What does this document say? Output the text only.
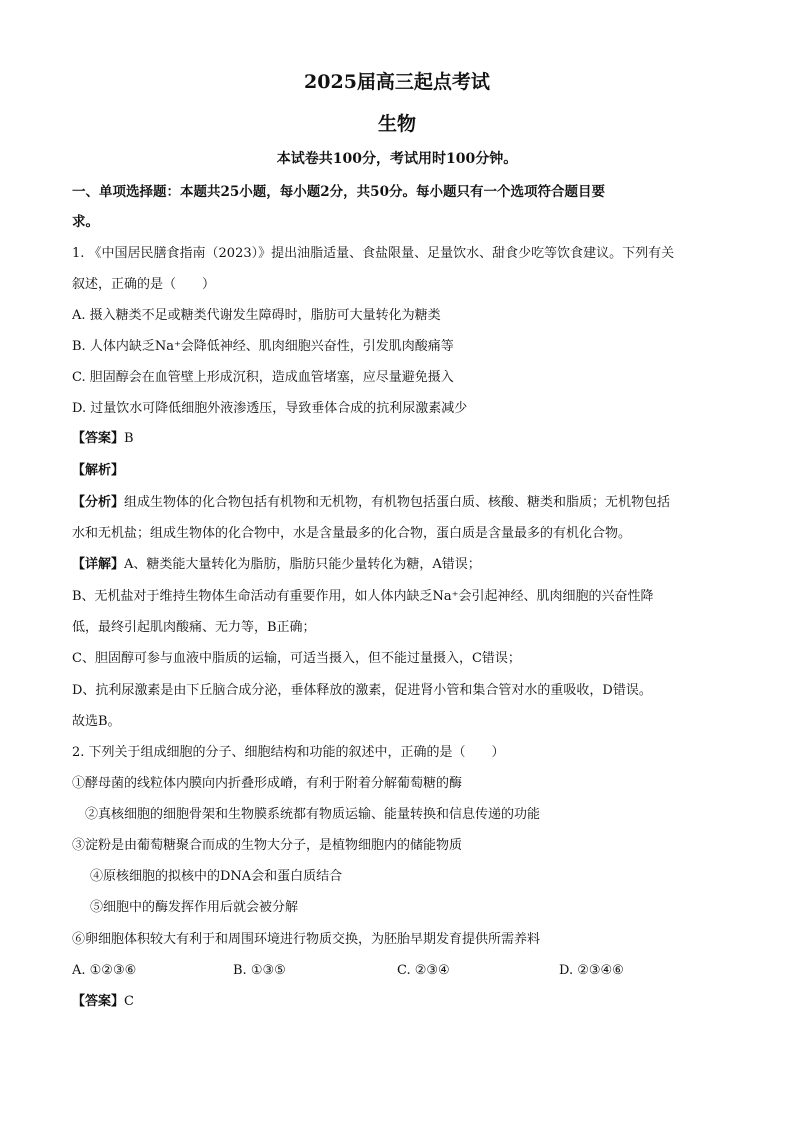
2025届高三起点考试
生物
本试卷共100分，考试用时100分钟。
一、单项选择题：本题共25小题，每小题2分，共50分。每小题只有一个选项符合题目要
求。
1. 《中国居民膳食指南（2023）》提出油脂适量、食盐限量、足量饮水、甜食少吃等饮食建议。下列有关
叙述，正确的是（　　）
A. 摄入糖类不足或糖类代谢发生障碍时，脂肪可大量转化为糖类
B. 人体内缺乏Na⁺会降低神经、肌肉细胞兴奋性，引发肌肉酸痛等
C. 胆固醇会在血管壁上形成沉积，造成血管堵塞，应尽量避免摄入
D. 过量饮水可降低细胞外液渗透压，导致垂体合成的抗利尿激素减少
【答案】B
【解析】
【分析】组成生物体的化合物包括有机物和无机物，有机物包括蛋白质、核酸、糖类和脂质；无机物包括
水和无机盐；组成生物体的化合物中，水是含量最多的化合物，蛋白质是含量最多的有机化合物。
【详解】A、糖类能大量转化为脂肪，脂肪只能少量转化为糖，A错误；
B、无机盐对于维持生物体生命活动有重要作用，如人体内缺乏Na⁺会引起神经、肌肉细胞的兴奋性降
低，最终引起肌肉酸痛、无力等，B正确；
C、胆固醇可参与血液中脂质的运输，可适当摄入，但不能过量摄入，C错误；
D、抗利尿激素是由下丘脑合成分泌，垂体释放的激素，促进肾小管和集合管对水的重吸收，D错误。
故选B。
2. 下列关于组成细胞的分子、细胞结构和功能的叙述中，正确的是（　　）
①酵母菌的线粒体内膜向内折叠形成嵴，有利于附着分解葡萄糖的酶
②真核细胞的细胞骨架和生物膜系统都有物质运输、能量转换和信息传递的功能
③淀粉是由葡萄糖聚合而成的生物大分子，是植物细胞内的储能物质
④原核细胞的拟核中的DNA会和蛋白质结合
⑤细胞中的酶发挥作用后就会被分解
⑥卵细胞体积较大有利于和周围环境进行物质交换，为胚胎早期发育提供所需养料
A. ①②③⑥	B. ①③⑤	C. ②③④	D. ②③④⑥
【答案】C
